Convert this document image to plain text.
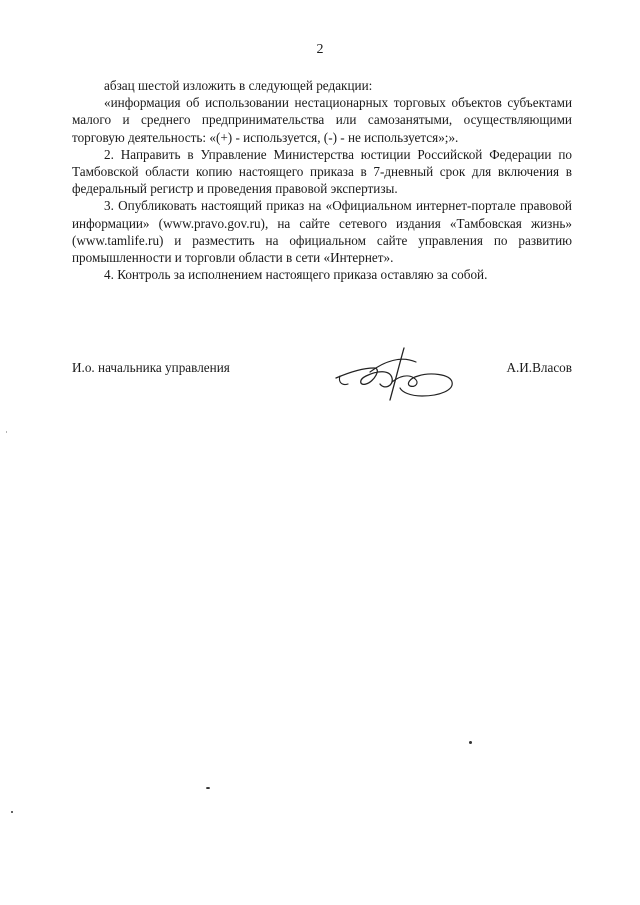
2

абзац шестой изложить в следующей редакции:

«информация об использовании нестационарных торговых объектов субъектами малого и среднего предпринимательства или самозанятыми, осуществляющими торговую деятельность: «(+) - используется, (-) - не используется»;».

2. Направить в Управление Министерства юстиции Российской Федерации по Тамбовской области копию настоящего приказа в 7-дневный срок для включения в федеральный регистр и проведения правовой экспертизы.

3. Опубликовать настоящий приказ на «Официальном интернет-портале правовой информации» (www.pravo.gov.ru), на сайте сетевого издания «Тамбовская жизнь» (www.tamlife.ru) и разместить на официальном сайте управления по развитию промышленности и торговли области в сети «Интернет».

4. Контроль за исполнением настоящего приказа оставляю за собой.

И.о. начальника управления	А.И.Власов
